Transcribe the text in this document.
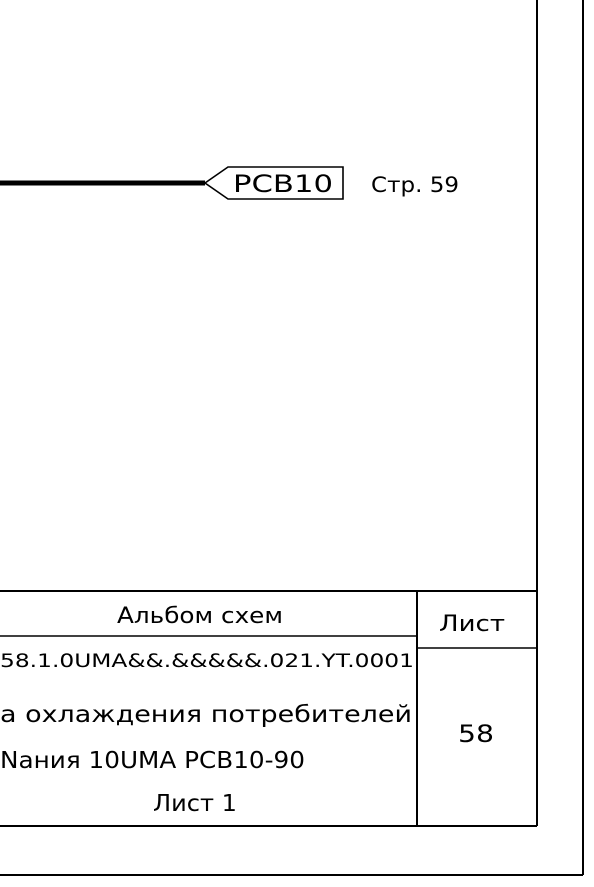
PCB10 Стр. 59
Альбом схем
58.1.0UMA&&.&&&&&.021.YT.0001
а охлаждения потребителей
Nания 10UMA PCB10-90
Лист 1
Лист
58
